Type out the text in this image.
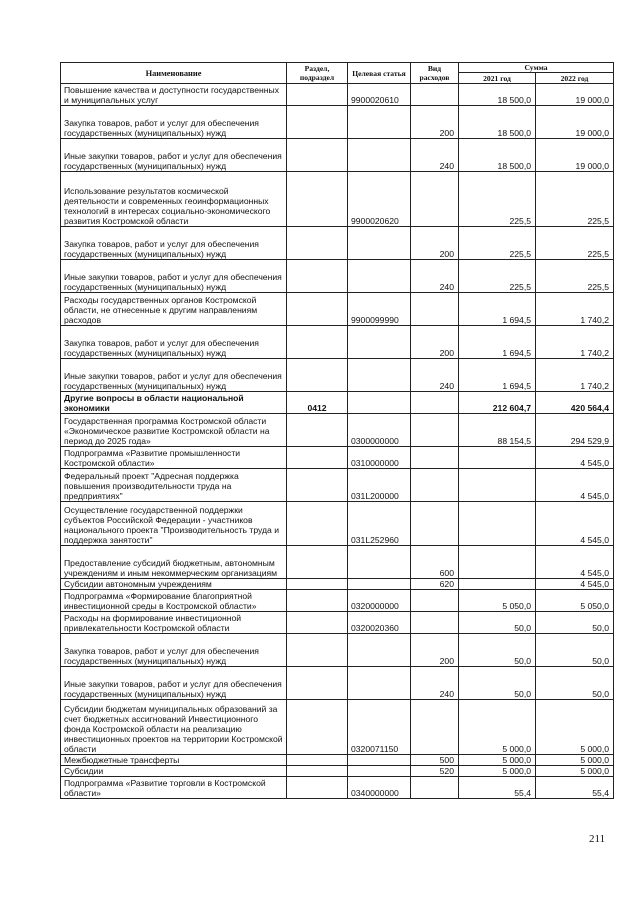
Наименование	Раздел, подраздел	Целевая статья	Вид расходов	Сумма	
				2021 год	2022 год
Повышение качества и доступности государственных и муниципальных услуг		9900020610		18 500,0	19 000,0
Закупка товаров, работ и услуг для обеспечения государственных (муниципальных) нужд			200	18 500,0	19 000,0
Иные закупки товаров, работ и услуг для обеспечения государственных (муниципальных) нужд			240	18 500,0	19 000,0
Использование результатов космической деятельности и современных геоинформационных технологий в интересах социально-экономического развития Костромской области		9900020620		225,5	225,5
Закупка товаров, работ и услуг для обеспечения государственных (муниципальных) нужд			200	225,5	225,5
Иные закупки товаров, работ и услуг для обеспечения государственных (муниципальных) нужд			240	225,5	225,5
Расходы государственных органов Костромской области, не отнесенные к другим направлениям расходов		9900099990		1 694,5	1 740,2
Закупка товаров, работ и услуг для обеспечения государственных (муниципальных) нужд			200	1 694,5	1 740,2
Иные закупки товаров, работ и услуг для обеспечения государственных (муниципальных) нужд			240	1 694,5	1 740,2
Другие вопросы в области национальной экономики	0412			212 604,7	420 564,4
Государственная программа Костромской области «Экономическое развитие Костромской области на период до 2025 года»		0300000000		88 154,5	294 529,9
Подпрограмма «Развитие промышленности Костромской области»		0310000000			4 545,0
Федеральный проект "Адресная поддержка повышения производительности труда на предприятиях"		031L200000			4 545,0
Осуществление государственной поддержки субъектов Российской Федерации - участников национального проекта "Производительность труда и поддержка занятости"		031L252960			4 545,0
Предоставление субсидий бюджетным, автономным учреждениям и иным некоммерческим организациям			600		4 545,0
Субсидии автономным учреждениям			620		4 545,0
Подпрограмма «Формирование благоприятной инвестиционной среды в Костромской области»		0320000000		5 050,0	5 050,0
Расходы на формирование инвестиционной привлекательности Костромской области		0320020360		50,0	50,0
Закупка товаров, работ и услуг для обеспечения государственных (муниципальных) нужд			200	50,0	50,0
Иные закупки товаров, работ и услуг для обеспечения государственных (муниципальных) нужд			240	50,0	50,0
Субсидии бюджетам муниципальных образований за счет бюджетных ассигнований Инвестиционного фонда Костромской области на реализацию инвестиционных проектов на территории Костромской области		0320071150		5 000,0	5 000,0
Межбюджетные трансферты			500	5 000,0	5 000,0
Субсидии			520	5 000,0	5 000,0
Подпрограмма «Развитие торговли в Костромской области»		0340000000		55,4	55,4
211
